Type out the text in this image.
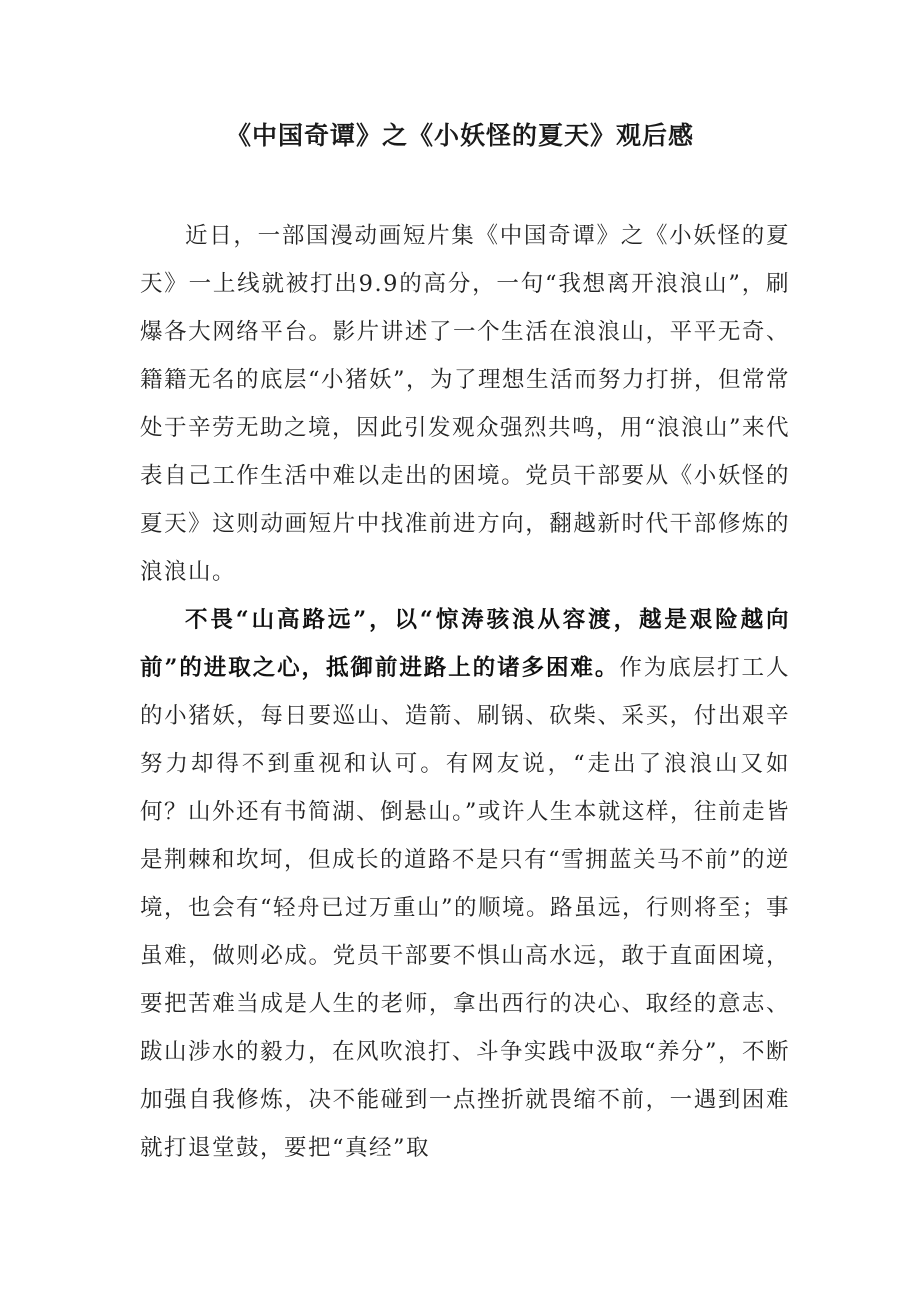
《中国奇谭》之《小妖怪的夏天》观后感

近日，一部国漫动画短片集《中国奇谭》之《小妖怪的夏天》一上线就被打出9.9的高分，一句“我想离开浪浪山”，刷爆各大网络平台。影片讲述了一个生活在浪浪山，平平无奇、籍籍无名的底层“小猪妖”，为了理想生活而努力打拼，但常常处于辛劳无助之境，因此引发观众强烈共鸣，用“浪浪山”来代表自己工作生活中难以走出的困境。党员干部要从《小妖怪的夏天》这则动画短片中找准前进方向，翻越新时代干部修炼的浪浪山。

不畏“山高路远”，以“惊涛骇浪从容渡，越是艰险越向前”的进取之心，抵御前进路上的诸多困难。作为底层打工人的小猪妖，每日要巡山、造箭、刷锅、砍柴、采买，付出艰辛努力却得不到重视和认可。有网友说，“走出了浪浪山又如何？山外还有书简湖、倒悬山。”或许人生本就这样，往前走皆是荆棘和坎坷，但成长的道路不是只有“雪拥蓝关马不前”的逆境，也会有“轻舟已过万重山”的顺境。路虽远，行则将至；事虽难，做则必成。党员干部要不惧山高水远，敢于直面困境，要把苦难当成是人生的老师，拿出西行的决心、取经的意志、跋山涉水的毅力，在风吹浪打、斗争实践中汲取“养分”，不断加强自我修炼，决不能碰到一点挫折就畏缩不前，一遇到困难就打退堂鼓，要把“真经”取
